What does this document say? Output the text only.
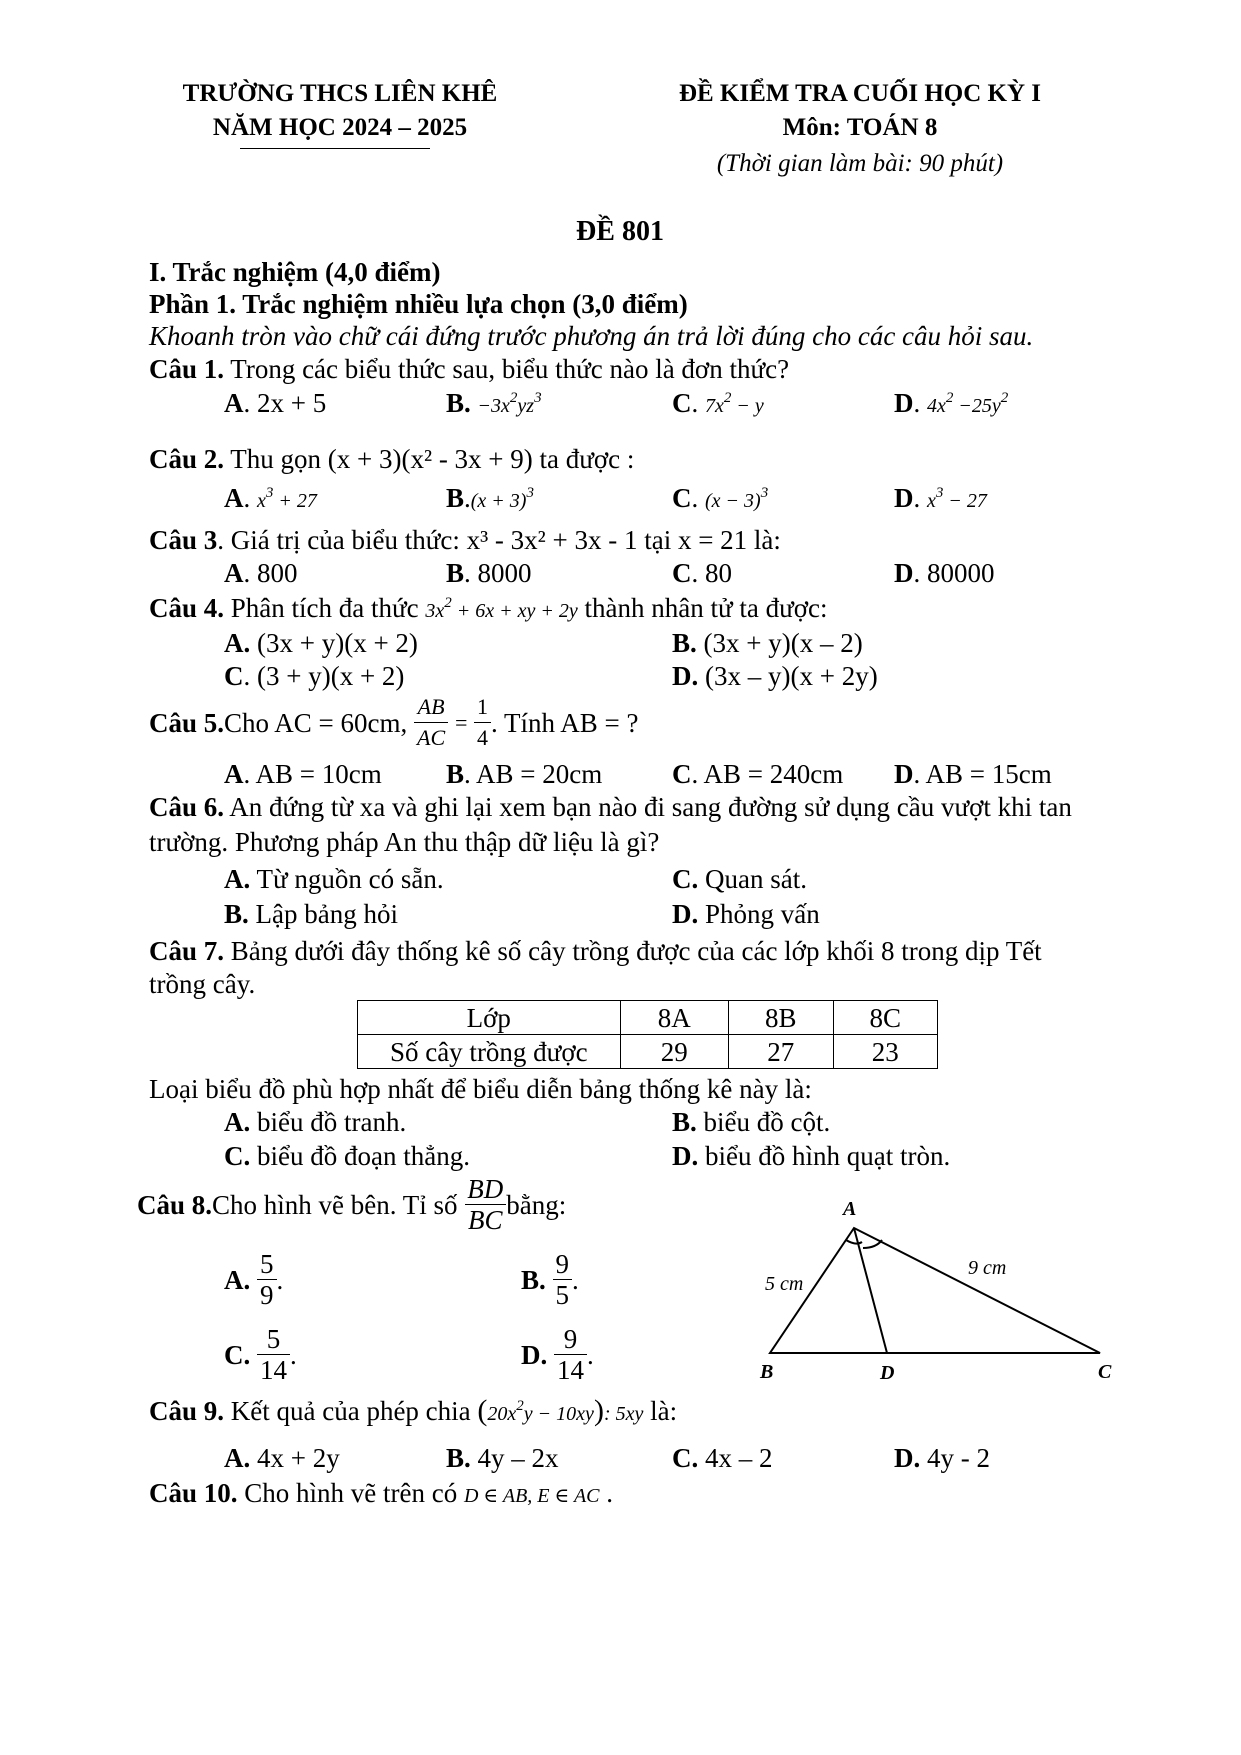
TRƯỜNG THCS LIÊN KHÊ
NĂM HỌC 2024 – 2025
ĐỀ KIỂM TRA CUỐI HỌC KỲ I
Môn: TOÁN 8
(Thời gian làm bài: 90 phút)
ĐỀ 801
I. Trắc nghiệm (4,0 điểm)
Phần 1. Trắc nghiệm nhiều lựa chọn (3,0 điểm)
Khoanh tròn vào chữ cái đứng trước phương án trả lời đúng cho các câu hỏi sau.
Câu 1. Trong các biểu thức sau, biểu thức nào là đơn thức?
A. 2x + 5	B. $-3x^2yz^3$	C. $7x^2 - y$	D. $4x^2 -25y^2$
Câu 2. Thu gọn (x + 3)(x² - 3x + 9) ta được :
A. $x^3 + 27$	$B.(x + 3)^3$	C. $(x - 3)^3$	D. $x^3 - 27$
Câu 3. Giá trị của biểu thức: x³ - 3x² + 3x - 1 tại x = 21 là:
A. 800	B. 8000	C. 80	D. 80000
Câu 4. Phân tích đa thức $3x^2 + 6x$ + xy + 2y thành nhân tử ta được:
A. (3x + y)(x + 2)	B. (3x + y)(x – 2)
C. (3 + y)(x + 2)	D. (3x – y)(x + 2y)
Câu 5. Cho AC = 60cm,
$\frac{AB}{AC} = \frac{1}{4}$ . Tính AB = ?
A. AB = 10cm B. AB = 20cm	C. AB = 240cm D. AB = 15cm
Câu 6. An đứng từ xa và ghi lại xem bạn nào đi sang đường sử dụng cầu vượt khi tan
trường. Phương pháp An thu thập dữ liệu là gì?
A. Từ nguồn có sẵn.	C. Quan sát.
B. Lập bảng hỏi	D. Phỏng vấn
Câu 7. Bảng dưới đây thống kê số cây trồng được của các lớp khối 8 trong dịp Tết
trồng cây.
Lớp	8A	8B	8C
Số cây trồng được	29	27	23
Loại biểu đồ phù hợp nhất để biểu diễn bảng thống kê này là:
A. biểu đồ tranh.	B. biểu đồ cột.
C. biểu đồ đoạn thẳng.	D. biểu đồ hình quạt tròn.
Câu 8. Cho hình vẽ bên. Tỉ số
$\frac{BD}{BC}$ bằng:
A.
$\frac{5}{9}$ .	B.
$\frac{9}{5}$ .
C.
$\frac{5}{14}$ .	D.
$\frac{9}{14}$ .
A
B	D	C
5 cm
9 cm
Câu 9. Kết quả của phép chia $(20x^2y - 10xy)$: 5xy là:
A. 4x + 2y	B. 4y – 2x	C. 4x – 2	D. 4y - 2
Câu 10. Cho hình vẽ trên có D ∈ AB, E ∈ AC .
